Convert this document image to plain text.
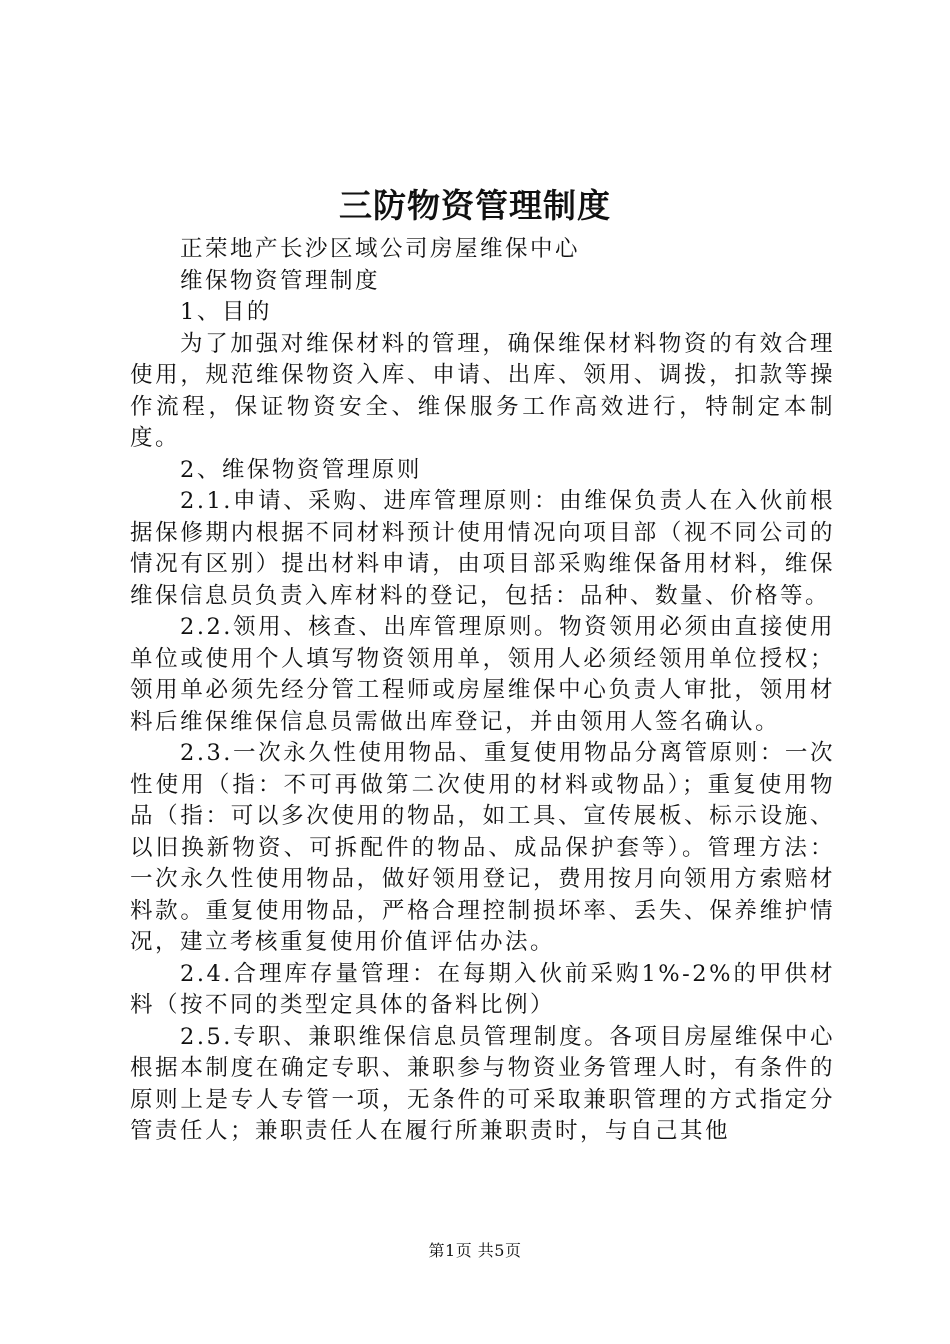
三防物资管理制度
正荣地产长沙区域公司房屋维保中心
维保物资管理制度
1、目的

为了加强对维保材料的管理，确保维保材料物资的有效合理使用，规范维保物资入库、申请、出库、领用、调拨，扣款等操作流程，保证物资安全、维保服务工作高效进行，特制定本制度。

2、维保物资管理原则

2.1.申请、采购、进库管理原则：由维保负责人在入伙前根据保修期内根据不同材料预计使用情况向项目部（视不同公司的情况有区别）提出材料申请，由项目部采购维保备用材料，维保维保信息员负责入库材料的登记，包括：品种、数量、价格等。

2.2.领用、核查、出库管理原则。物资领用必须由直接使用单位或使用个人填写物资领用单，领用人必须经领用单位授权；领用单必须先经分管工程师或房屋维保中心负责人审批，领用材料后维保维保信息员需做出库登记，并由领用人签名确认。

2.3.一次永久性使用物品、重复使用物品分离管原则：一次性使用（指：不可再做第二次使用的材料或物品）；重复使用物品（指：可以多次使用的物品，如工具、宣传展板、标示设施、以旧换新物资、可拆配件的物品、成品保护套等）。管理方法：一次永久性使用物品，做好领用登记，费用按月向领用方索赔材料款。重复使用物品，严格合理控制损坏率、丢失、保养维护情况，建立考核重复使用价值评估办法。

2.4.合理库存量管理：在每期入伙前采购1%-2%的甲供材料（按不同的类型定具体的备料比例）

2.5.专职、兼职维保信息员管理制度。各项目房屋维保中心根据本制度在确定专职、兼职参与物资业务管理人时，有条件的原则上是专人专管一项，无条件的可采取兼职管理的方式指定分管责任人；兼职责任人在履行所兼职责时，与自己其他

第1页 共5页
